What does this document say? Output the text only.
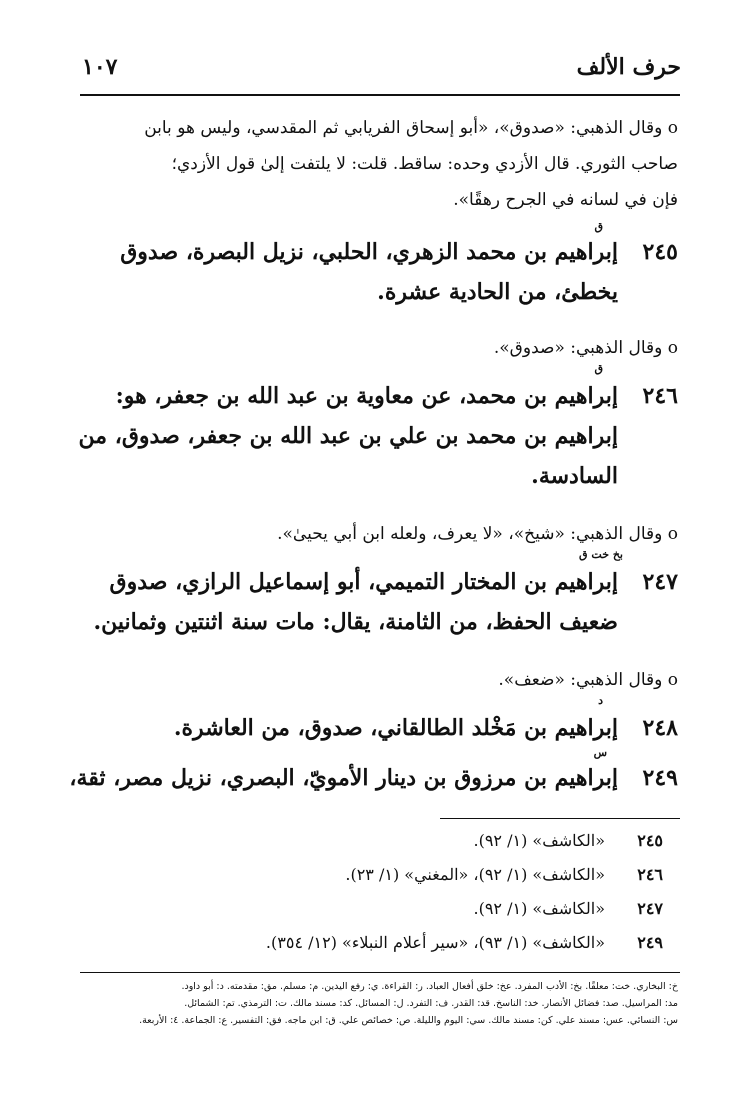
حرف الألف
١٠٧
o وقال الذهبي: «صدوق»، «أبو إسحاق الفريابي ثم المقدسي، وليس هو بابن
صاحب الثوري. قال الأزدي وحده: ساقط. قلت: لا يلتفت إلىٰ قول الأزدي؛
فإن في لسانه في الجرح رهقًا».
ق
٢٤٥إبراهيم بن محمد الزهري، الحلبي، نزيل البصرة، صدوق
يخطئ، من الحادية عشرة.
o وقال الذهبي: «صدوق».
ق
٢٤٦إبراهيم بن محمد، عن معاوية بن عبد الله بن جعفر، هو:
إبراهيم بن محمد بن علي بن عبد الله بن جعفر، صدوق، من
السادسة.
o وقال الذهبي: «شيخ»، «لا يعرف، ولعله ابن أبي يحيىٰ».
بخ خت ق
٢٤٧إبراهيم بن المختار التميمي، أبو إسماعيل الرازي، صدوق
ضعيف الحفظ، من الثامنة، يقال: مات سنة اثنتين وثمانين.
o وقال الذهبي: «ضعف».
د
٢٤٨إبراهيم بن مَخْلد الطالقاني، صدوق، من العاشرة.
س
٢٤٩إبراهيم بن مرزوق بن دينار الأمويّ، البصري، نزيل مصر، ثقة،
٢٤٥«الكاشف» (١/ ٩٢).
٢٤٦«الكاشف» (١/ ٩٢)، «المغني» (١/ ٢٣).
٢٤٧«الكاشف» (١/ ٩٢).
٢٤٩«الكاشف» (١/ ٩٣)، «سير أعلام النبلاء» (١٢/ ٣٥٤).
خ: البخاري. خت: معلقًا. بخ: الأدب المفرد. عخ: خلق أفعال العباد. ر: القراءة. ي: رفع اليدين. م: مسلم. مق: مقدمته. د: أبو داود.
مد: المراسيل. صد: فضائل الأنصار. خد: الناسخ. قد: القدر. ف: التفرد. ل: المسائل. كد: مسند مالك. ت: الترمذي. تم: الشمائل.
س: النسائي. عس: مسند علي. كن: مسند مالك. سي: اليوم والليلة. ص: خصائص علي. ق: ابن ماجه. فق: التفسير. ع: الجماعة. ٤: الأربعة.
